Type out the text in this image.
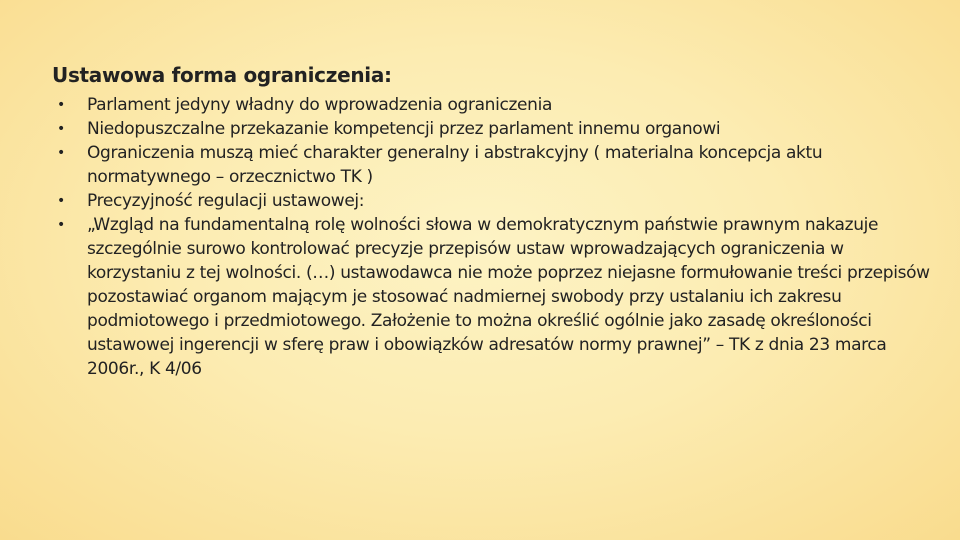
Ustawowa forma ograniczenia:
• Parlament jedyny władny do wprowadzenia ograniczenia
• Niedopuszczalne przekazanie kompetencji przez parlament innemu organowi
• Ograniczenia muszą mieć charakter generalny i abstrakcyjny ( materialna koncepcja aktu normatywnego – orzecznictwo TK )
• Precyzyjność regulacji ustawowej:
• „Wzgląd na fundamentalną rolę wolności słowa w demokratycznym państwie prawnym nakazuje szczególnie surowo kontrolować precyzje przepisów ustaw wprowadzających ograniczenia w korzystaniu z tej wolności. (…) ustawodawca nie może poprzez niejasne formułowanie treści przepisów pozostawiać organom mającym je stosować nadmiernej swobody przy ustalaniu ich zakresu podmiotowego i przedmiotowego. Założenie to można określić ogólnie jako zasadę określoności ustawowej ingerencji w sferę praw i obowiązków adresatów normy prawnej” – TK z dnia 23 marca 2006r., K 4/06
